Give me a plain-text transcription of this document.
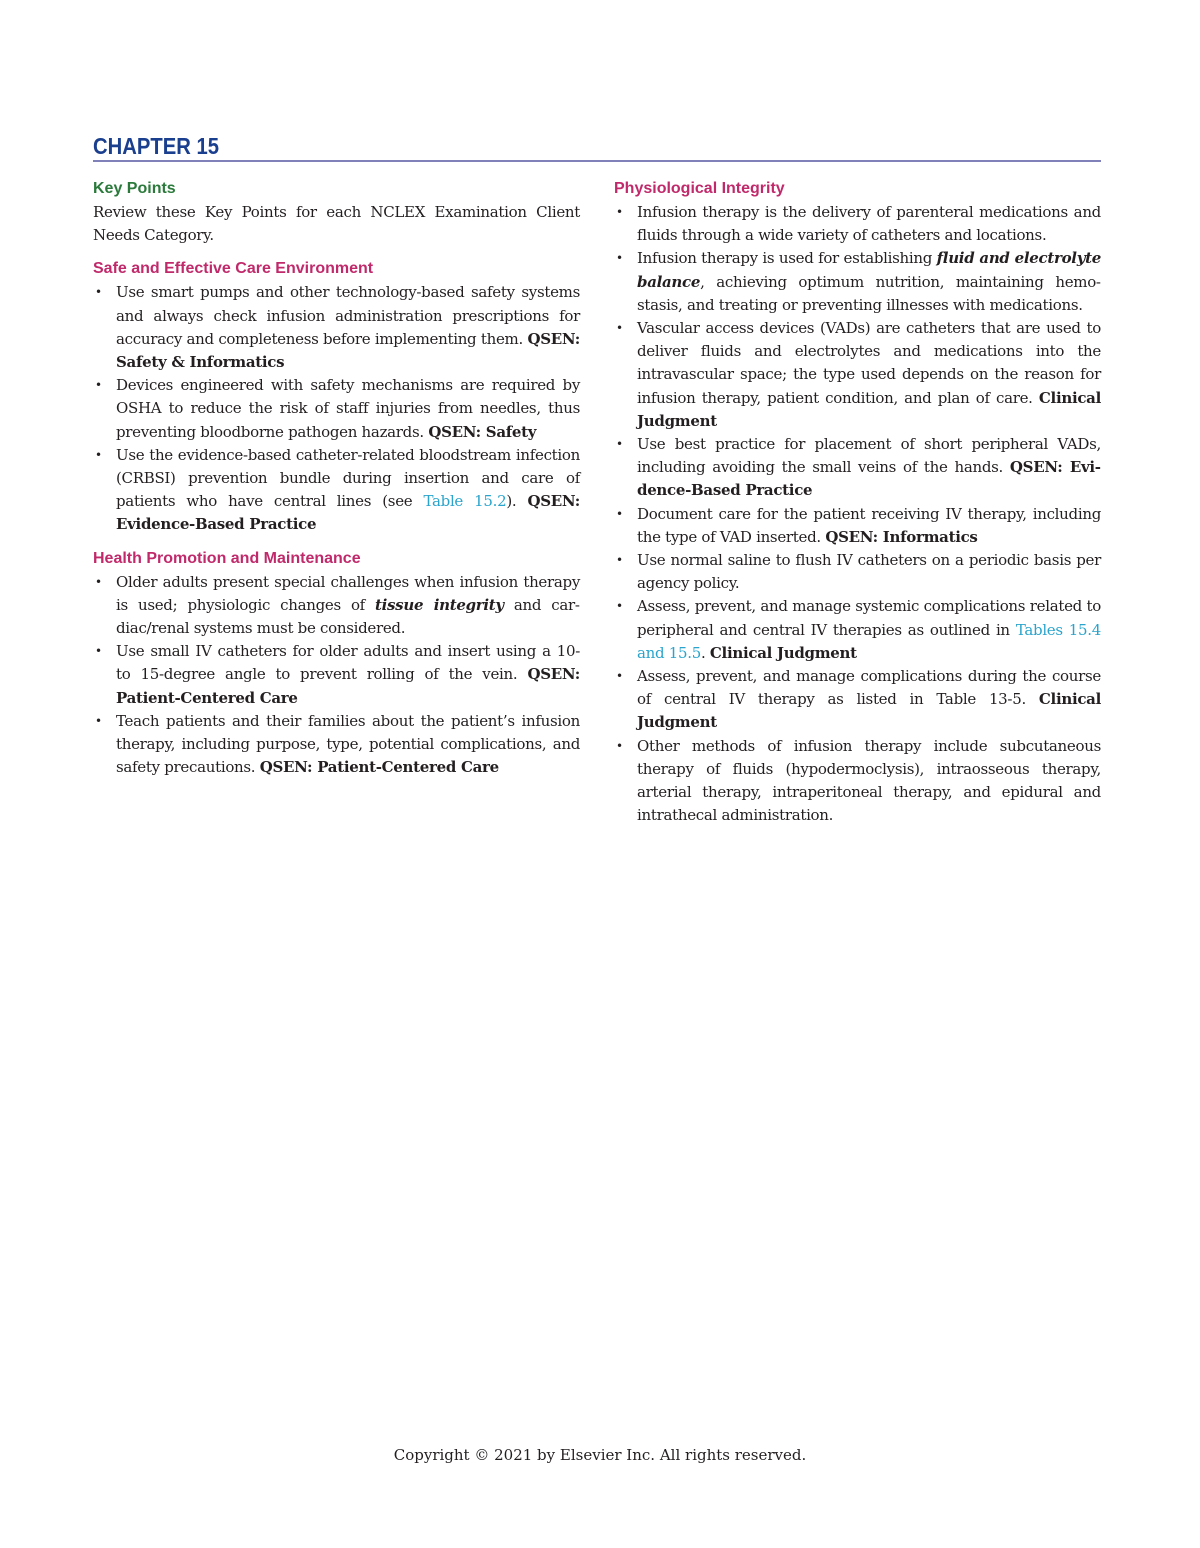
CHAPTER 15
Key Points

Review these Key Points for each NCLEX Examination Client Needs Category.

Safe and Effective Care Environment
• Use smart pumps and other technology-based safety systems and always check infusion administration prescriptions for accuracy and completeness before implementing them. QSEN: Safety & Informatics
• Devices engineered with safety mechanisms are required by OSHA to reduce the risk of staff injuries from needles, thus preventing bloodborne pathogen hazards. QSEN: Safety
• Use the evidence-based catheter-related bloodstream infection (CRBSI) prevention bundle during insertion and care of patients who have central lines (see Table 15.2). QSEN: Evidence-Based Practice
Health Promotion and Maintenance
• Older adults present special challenges when infusion therapy is used; physiologic changes of tissue integrity and cardiac/renal systems must be considered.
• Use small IV catheters for older adults and insert using a 10- to 15-degree angle to prevent rolling of the vein. QSEN: Patient-Centered Care
• Teach patients and their families about the patient’s infusion therapy, including purpose, type, potential complications, and safety precautions. QSEN: Patient-Centered Care
Physiological Integrity
• Infusion therapy is the delivery of parenteral medications and fluids through a wide variety of catheters and locations.
• Infusion therapy is used for establishing fluid and electrolyte balance, achieving optimum nutrition, maintaining hemostasis, and treating or preventing illnesses with medications.
• Vascular access devices (VADs) are catheters that are used to deliver fluids and electrolytes and medications into the intravascular space; the type used depends on the reason for infusion therapy, patient condition, and plan of care. Clinical Judgment
• Use best practice for placement of short peripheral VADs, including avoiding the small veins of the hands. QSEN: Evidence-Based Practice
• Document care for the patient receiving IV therapy, including the type of VAD inserted. QSEN: Informatics
• Use normal saline to flush IV catheters on a periodic basis per agency policy.
• Assess, prevent, and manage systemic complications related to peripheral and central IV therapies as outlined in Tables 15.4 and 15.5. Clinical Judgment
• Assess, prevent, and manage complications during the course of central IV therapy as listed in Table 13-5. Clinical Judgment
• Other methods of infusion therapy include subcutaneous therapy of fluids (hypodermoclysis), intraosseous therapy, arterial therapy, intraperitoneal therapy, and epidural and intrathecal administration.

Copyright © 2021 by Elsevier Inc. All rights reserved.
